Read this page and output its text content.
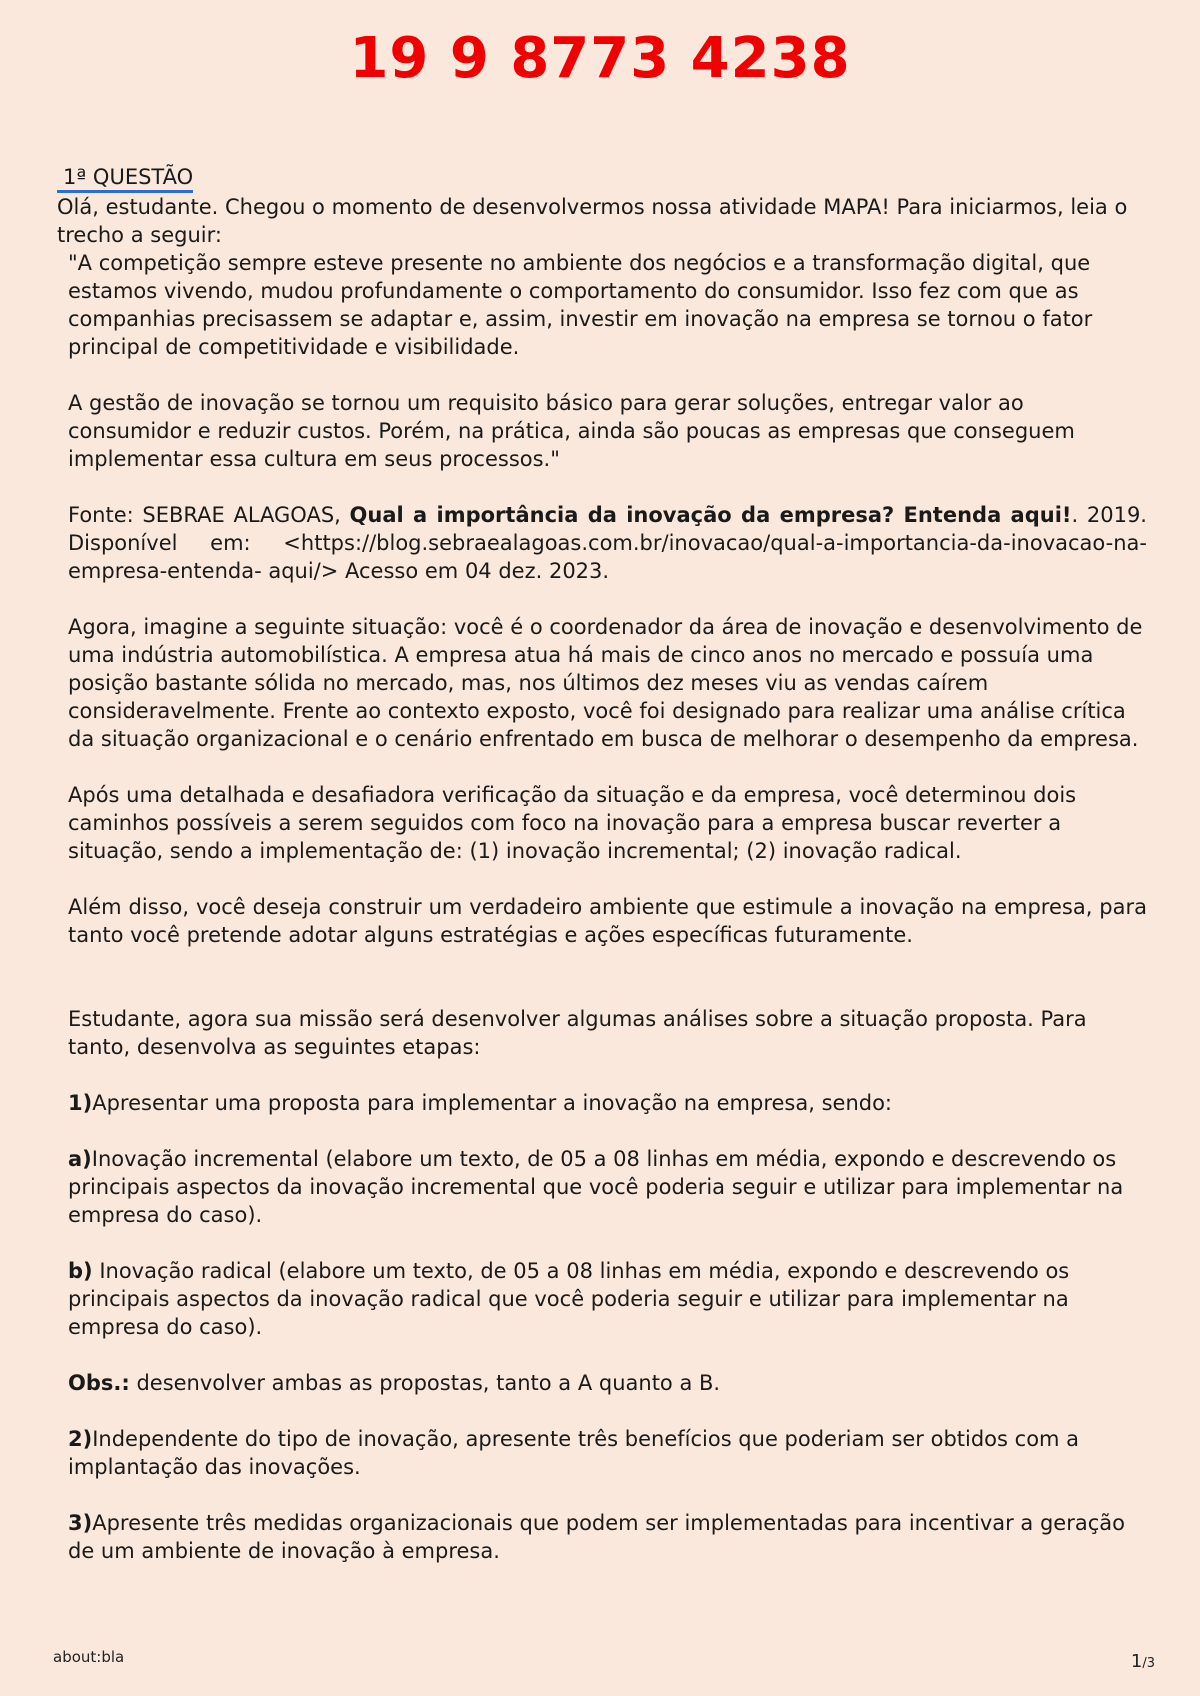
19 9 8773 4238
1ª QUESTÃO

Olá, estudante. Chegou o momento de desenvolvermos nossa atividade MAPA! Para iniciarmos, leia o trecho a seguir:

"A competição sempre esteve presente no ambiente dos negócios e a transformação digital, que estamos vivendo, mudou profundamente o comportamento do consumidor. Isso fez com que as companhias precisassem se adaptar e, assim, investir em inovação na empresa se tornou o fator principal de competitividade e visibilidade.

A gestão de inovação se tornou um requisito básico para gerar soluções, entregar valor ao consumidor e reduzir custos. Porém, na prática, ainda são poucas as empresas que conseguem implementar essa cultura em seus processos."

Fonte: SEBRAE ALAGOAS, Qual a importância da inovação da empresa? Entenda aqui!. 2019. Disponível em: <https://blog.sebraealagoas.com.br/inovacao/qual-a-importancia-da-inovacao-na-empresa-entenda- aqui/> Acesso em 04 dez. 2023.

Agora, imagine a seguinte situação: você é o coordenador da área de inovação e desenvolvimento de uma indústria automobilística. A empresa atua há mais de cinco anos no mercado e possuía uma posição bastante sólida no mercado, mas, nos últimos dez meses viu as vendas caírem consideravelmente. Frente ao contexto exposto, você foi designado para realizar uma análise crítica da situação organizacional e o cenário enfrentado em busca de melhorar o desempenho da empresa.

Após uma detalhada e desafiadora verificação da situação e da empresa, você determinou dois caminhos possíveis a serem seguidos com foco na inovação para a empresa buscar reverter a situação, sendo a implementação de: (1) inovação incremental; (2) inovação radical.

Além disso, você deseja construir um verdadeiro ambiente que estimule a inovação na empresa, para tanto você pretende adotar alguns estratégias e ações específicas futuramente.

Estudante, agora sua missão será desenvolver algumas análises sobre a situação proposta. Para tanto, desenvolva as seguintes etapas:

1)Apresentar uma proposta para implementar a inovação na empresa, sendo:

a)Inovação incremental (elabore um texto, de 05 a 08 linhas em média, expondo e descrevendo os principais aspectos da inovação incremental que você poderia seguir e utilizar para implementar na empresa do caso).

b) Inovação radical (elabore um texto, de 05 a 08 linhas em média, expondo e descrevendo os principais aspectos da inovação radical que você poderia seguir e utilizar para implementar na empresa do caso).

Obs.: desenvolver ambas as propostas, tanto a A quanto a B.

2)Independente do tipo de inovação, apresente três benefícios que poderiam ser obtidos com a implantação das inovações.

3)Apresente três medidas organizacionais que podem ser implementadas para incentivar a geração de um ambiente de inovação à empresa.

about:bla	1/3
